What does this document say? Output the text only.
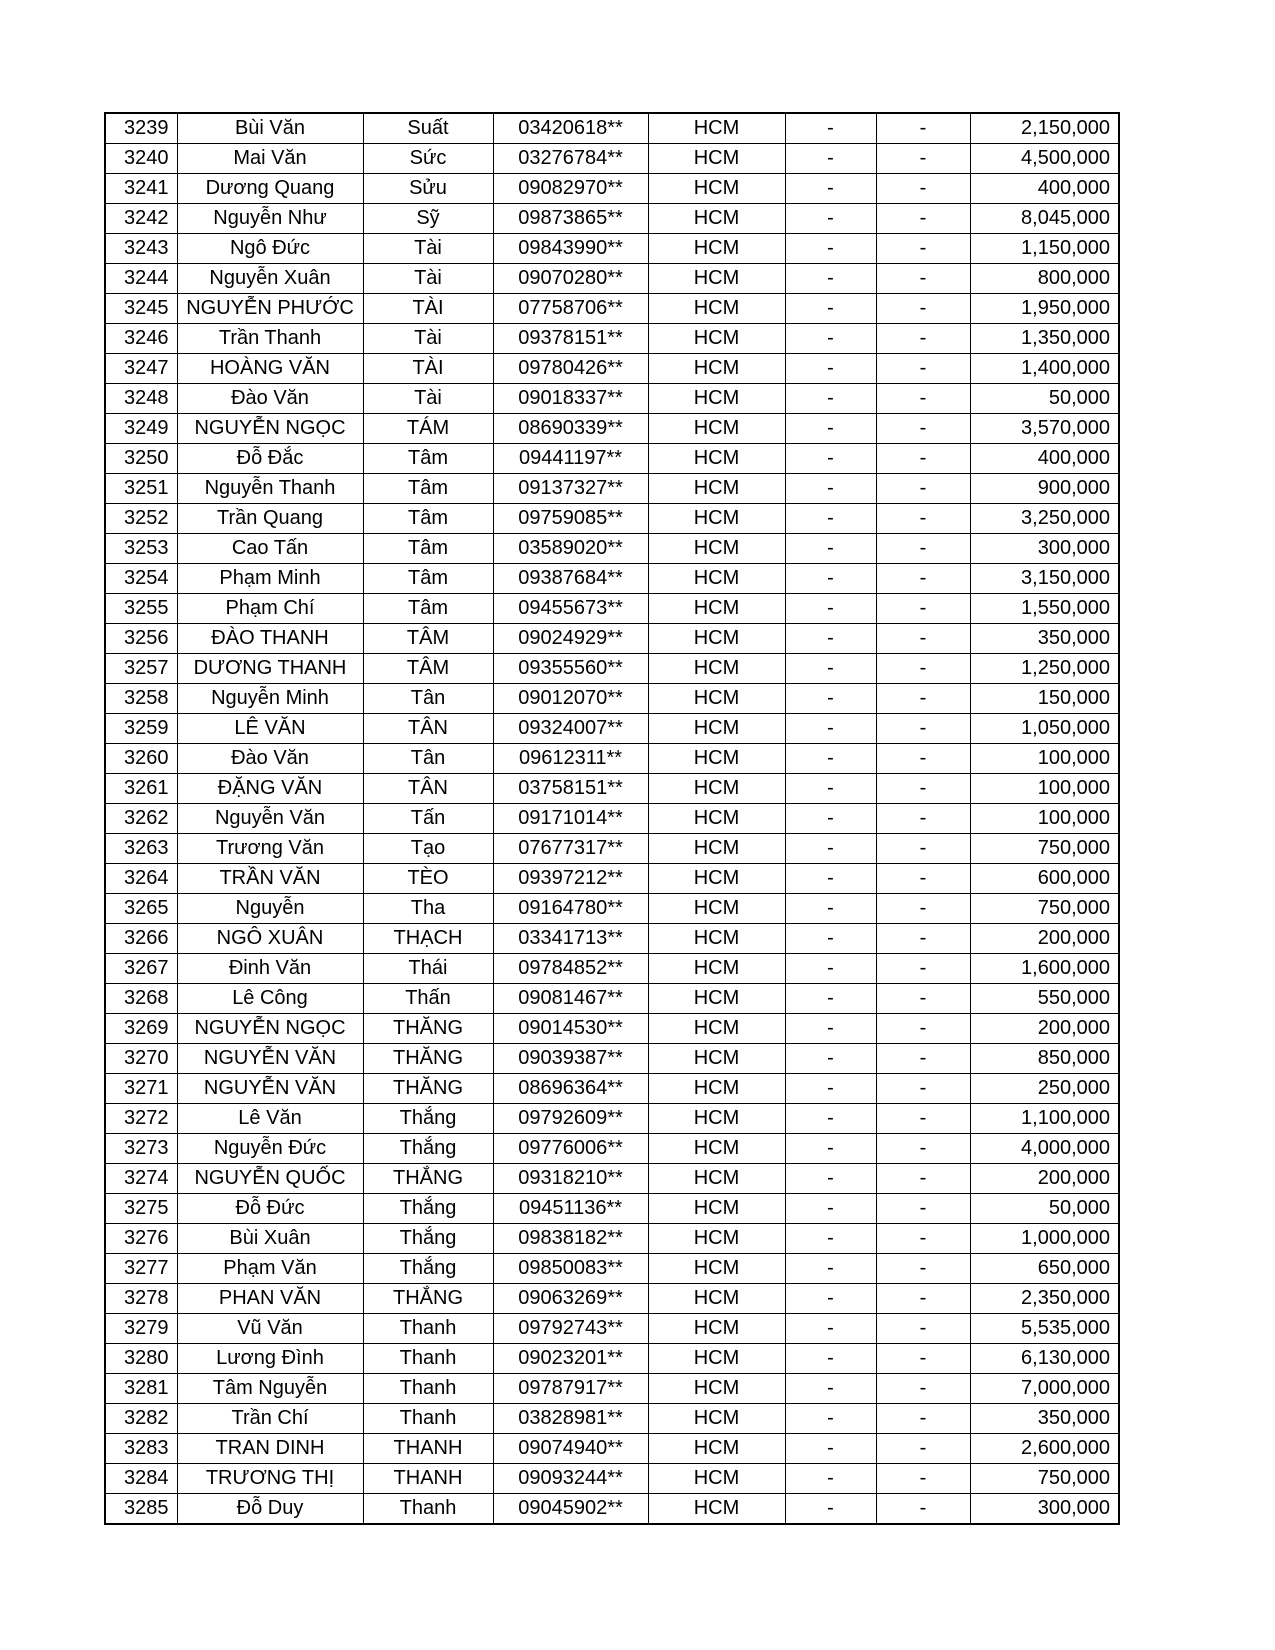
3239	Bùi Văn	Suất	03420618**	HCM	-	-	2,150,000
3240	Mai Văn	Sức	03276784**	HCM	-	-	4,500,000
3241	Dương Quang	Sửu	09082970**	HCM	-	-	400,000
3242	Nguyễn Như	Sỹ	09873865**	HCM	-	-	8,045,000
3243	Ngô Đức	Tài	09843990**	HCM	-	-	1,150,000
3244	Nguyễn Xuân	Tài	09070280**	HCM	-	-	800,000
3245	NGUYỄN PHƯỚC	TÀI	07758706**	HCM	-	-	1,950,000
3246	Trần Thanh	Tài	09378151**	HCM	-	-	1,350,000
3247	HOÀNG VĂN	TÀI	09780426**	HCM	-	-	1,400,000
3248	Đào Văn	Tài	09018337**	HCM	-	-	50,000
3249	NGUYỄN NGỌC	TÁM	08690339**	HCM	-	-	3,570,000
3250	Đỗ Đắc	Tâm	09441197**	HCM	-	-	400,000
3251	Nguyễn Thanh	Tâm	09137327**	HCM	-	-	900,000
3252	Trần Quang	Tâm	09759085**	HCM	-	-	3,250,000
3253	Cao Tấn	Tâm	03589020**	HCM	-	-	300,000
3254	Phạm Minh	Tâm	09387684**	HCM	-	-	3,150,000
3255	Phạm Chí	Tâm	09455673**	HCM	-	-	1,550,000
3256	ĐÀO THANH	TÂM	09024929**	HCM	-	-	350,000
3257	DƯƠNG THANH	TÂM	09355560**	HCM	-	-	1,250,000
3258	Nguyễn Minh	Tân	09012070**	HCM	-	-	150,000
3259	LÊ VĂN	TÂN	09324007**	HCM	-	-	1,050,000
3260	Đào Văn	Tân	09612311**	HCM	-	-	100,000
3261	ĐẶNG VĂN	TÂN	03758151**	HCM	-	-	100,000
3262	Nguyễn Văn	Tấn	09171014**	HCM	-	-	100,000
3263	Trương Văn	Tạo	07677317**	HCM	-	-	750,000
3264	TRẦN VĂN	TÈO	09397212**	HCM	-	-	600,000
3265	Nguyễn	Tha	09164780**	HCM	-	-	750,000
3266	NGÔ XUÂN	THẠCH	03341713**	HCM	-	-	200,000
3267	Đinh Văn	Thái	09784852**	HCM	-	-	1,600,000
3268	Lê Công	Thấn	09081467**	HCM	-	-	550,000
3269	NGUYỄN NGỌC	THĂNG	09014530**	HCM	-	-	200,000
3270	NGUYỄN VĂN	THĂNG	09039387**	HCM	-	-	850,000
3271	NGUYỄN VĂN	THĂNG	08696364**	HCM	-	-	250,000
3272	Lê Văn	Thắng	09792609**	HCM	-	-	1,100,000
3273	Nguyễn Đức	Thắng	09776006**	HCM	-	-	4,000,000
3274	NGUYỄN QUỐC	THẮNG	09318210**	HCM	-	-	200,000
3275	Đỗ Đức	Thắng	09451136**	HCM	-	-	50,000
3276	Bùi Xuân	Thắng	09838182**	HCM	-	-	1,000,000
3277	Phạm Văn	Thắng	09850083**	HCM	-	-	650,000
3278	PHAN VĂN	THẮNG	09063269**	HCM	-	-	2,350,000
3279	Vũ Văn	Thanh	09792743**	HCM	-	-	5,535,000
3280	Lương Đình	Thanh	09023201**	HCM	-	-	6,130,000
3281	Tâm Nguyễn	Thanh	09787917**	HCM	-	-	7,000,000
3282	Trần Chí	Thanh	03828981**	HCM	-	-	350,000
3283	TRAN DINH	THANH	09074940**	HCM	-	-	2,600,000
3284	TRƯƠNG THỊ	THANH	09093244**	HCM	-	-	750,000
3285	Đỗ Duy	Thanh	09045902**	HCM	-	-	300,000
